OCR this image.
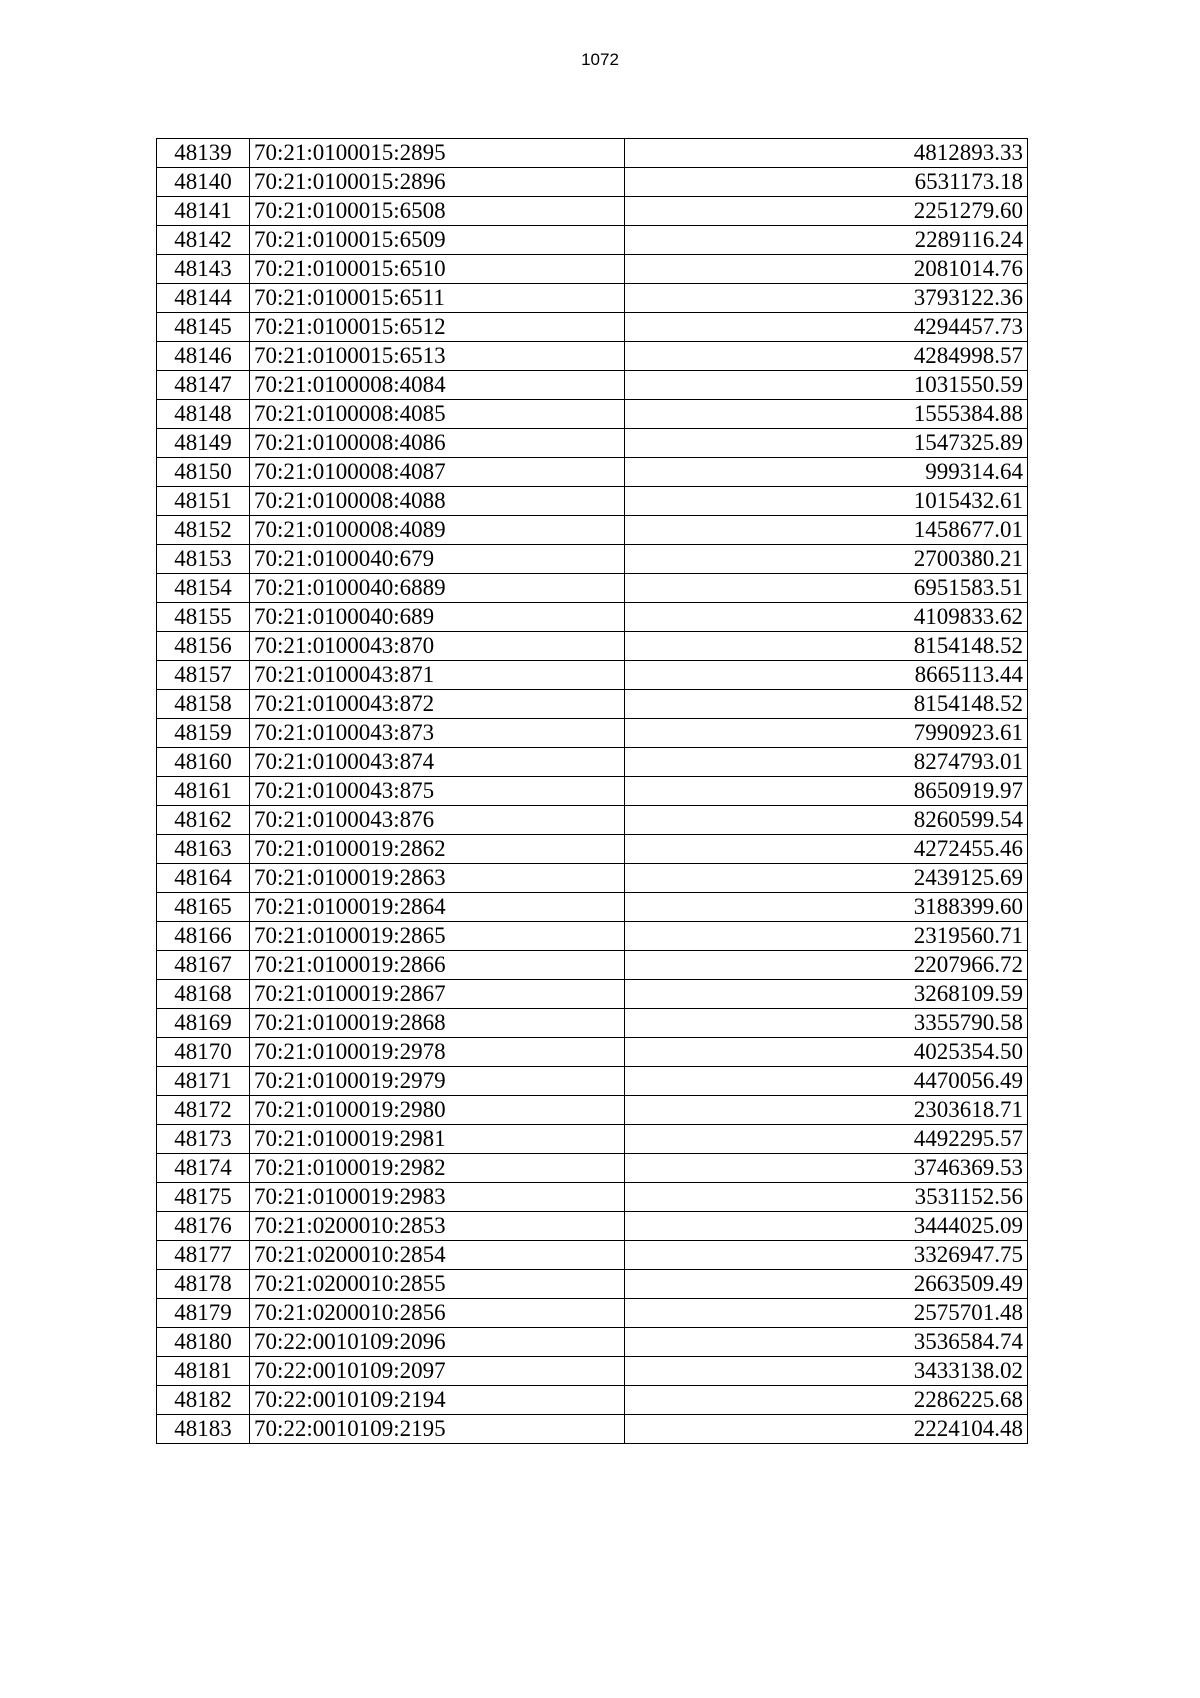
1072
48139	70:21:0100015:2895	4812893.33
48140	70:21:0100015:2896	6531173.18
48141	70:21:0100015:6508	2251279.60
48142	70:21:0100015:6509	2289116.24
48143	70:21:0100015:6510	2081014.76
48144	70:21:0100015:6511	3793122.36
48145	70:21:0100015:6512	4294457.73
48146	70:21:0100015:6513	4284998.57
48147	70:21:0100008:4084	1031550.59
48148	70:21:0100008:4085	1555384.88
48149	70:21:0100008:4086	1547325.89
48150	70:21:0100008:4087	999314.64
48151	70:21:0100008:4088	1015432.61
48152	70:21:0100008:4089	1458677.01
48153	70:21:0100040:679	2700380.21
48154	70:21:0100040:6889	6951583.51
48155	70:21:0100040:689	4109833.62
48156	70:21:0100043:870	8154148.52
48157	70:21:0100043:871	8665113.44
48158	70:21:0100043:872	8154148.52
48159	70:21:0100043:873	7990923.61
48160	70:21:0100043:874	8274793.01
48161	70:21:0100043:875	8650919.97
48162	70:21:0100043:876	8260599.54
48163	70:21:0100019:2862	4272455.46
48164	70:21:0100019:2863	2439125.69
48165	70:21:0100019:2864	3188399.60
48166	70:21:0100019:2865	2319560.71
48167	70:21:0100019:2866	2207966.72
48168	70:21:0100019:2867	3268109.59
48169	70:21:0100019:2868	3355790.58
48170	70:21:0100019:2978	4025354.50
48171	70:21:0100019:2979	4470056.49
48172	70:21:0100019:2980	2303618.71
48173	70:21:0100019:2981	4492295.57
48174	70:21:0100019:2982	3746369.53
48175	70:21:0100019:2983	3531152.56
48176	70:21:0200010:2853	3444025.09
48177	70:21:0200010:2854	3326947.75
48178	70:21:0200010:2855	2663509.49
48179	70:21:0200010:2856	2575701.48
48180	70:22:0010109:2096	3536584.74
48181	70:22:0010109:2097	3433138.02
48182	70:22:0010109:2194	2286225.68
48183	70:22:0010109:2195	2224104.48
